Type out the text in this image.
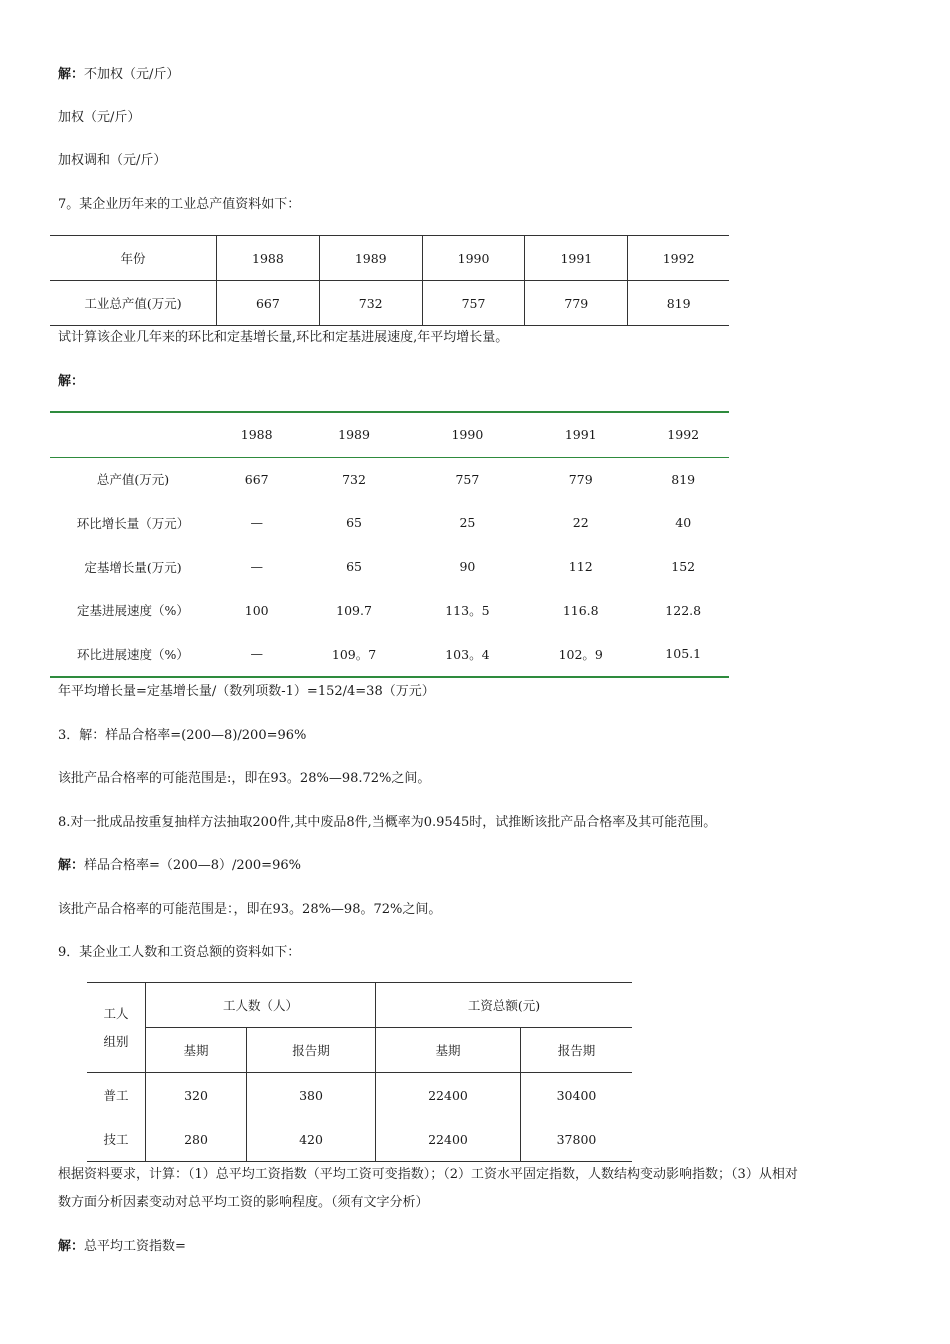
解：不加权（元/斤）
加权（元/斤）
加权调和（元/斤）
7。某企业历年来的工业总产值资料如下：
年份	1988	1989	1990	1991	1992
工业总产值(万元)	667	732	757	779	819
试计算该企业几年来的环比和定基增长量,环比和定基进展速度,年平均增长量。
解：
	1988	1989	1990	1991	1992
总产值(万元)	667	732	757	779	819
环比增长量（万元）	—	65	25	22	40
定基增长量(万元)	—	65	90	112	152
定基进展速度（%）	100	109.7	113。5	116.8	122.8
环比进展速度（%）	—	109。7	103。4	102。9	105.1
年平均增长量=定基增长量/（数列项数-1）=152/4=38（万元）
3．解：样品合格率=(200—8)/200=96%
该批产品合格率的可能范围是:，即在93。28%—98.72%之间。
8.对一批成品按重复抽样方法抽取200件,其中废品8件,当概率为0.9545时，试推断该批产品合格率及其可能范围。
解：样品合格率=（200—8）/200=96%
该批产品合格率的可能范围是：，即在93。28%—98。72%之间。
9．某企业工人数和工资总额的资料如下：
工人
组别	工人数（人）		工资总额(元)	
	基期	报告期	基期	报告期
普工	320	380	22400	30400
技工	280	420	22400	37800
根据资料要求，计算：（1）总平均工资指数（平均工资可变指数）；（2）工资水平固定指数，人数结构变动影响指数；（3）从相对
数方面分析因素变动对总平均工资的影响程度。（须有文字分析）
解：总平均工资指数=
